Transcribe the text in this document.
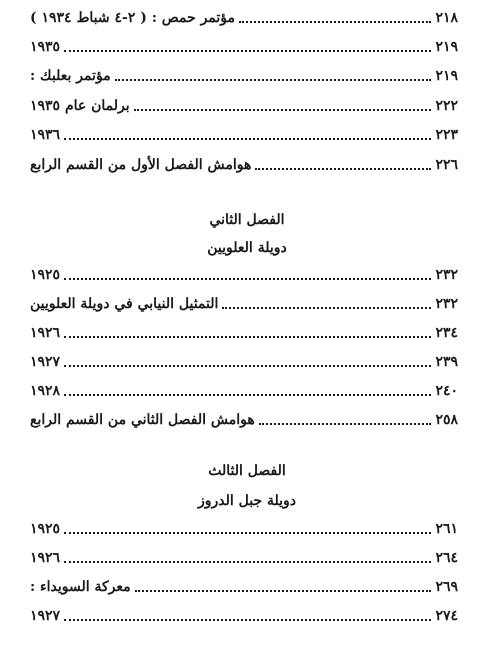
مؤتمر حمص : ( ٢-٤ شباط ١٩٣٤ )	٢١٨
١٩٣٥	٢١٩
مؤتمر بعلبك :	٢١٩
برلمان عام ١٩٣٥	٢٢٢
١٩٣٦	٢٢٣
هوامش الفصل الأول من القسم الرابع	٢٢٦
الفصل الثاني
دويلة العلويين
١٩٢٥	٢٣٢
التمثيل النيابي في دويلة العلويين	٢٣٢
١٩٢٦	٢٣٤
١٩٢٧	٢٣٩
١٩٢٨	٢٤٠
هوامش الفصل الثاني من القسم الرابع	٢٥٨
الفصل الثالث
دويلة جبل الدروز
١٩٢٥	٢٦١
١٩٢٦	٢٦٤
معركة السويداء :	٢٦٩
١٩٢٧	٢٧٤
